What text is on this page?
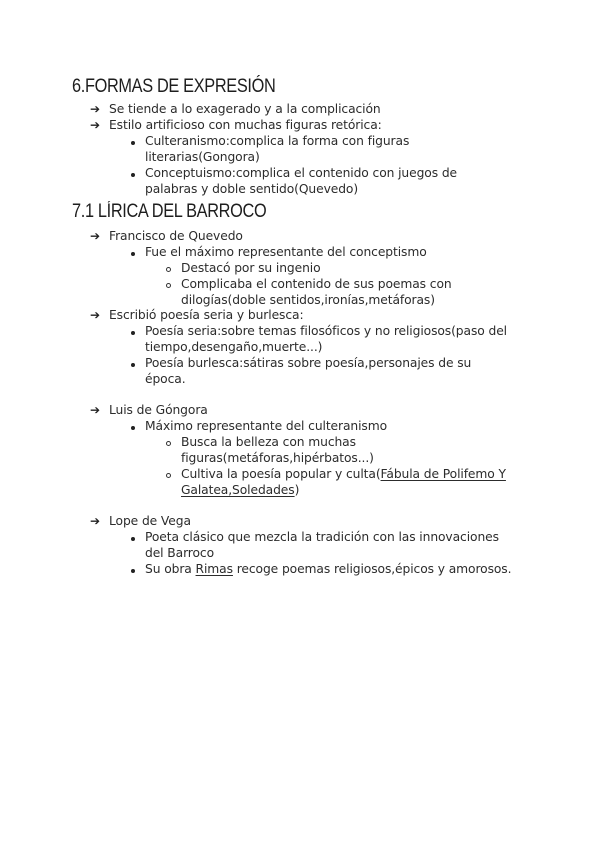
6.FORMAS DE EXPRESIÓN
➔ Se tiende a lo exagerado y a la complicación
➔ Estilo artificioso con muchas figuras retórica:
Culteranismo:complica la forma con figuras
literarias(Gongora)
Conceptuismo:complica el contenido con juegos de
palabras y doble sentido(Quevedo)
7.1 LÍRICA DEL BARROCO
➔ Francisco de Quevedo
Fue el máximo representante del conceptismo
Destacó por su ingenio
Complicaba el contenido de sus poemas con
dilogías(doble sentidos,ironías,metáforas)
➔ Escribió poesía seria y burlesca:
Poesía seria:sobre temas filosóficos y no religiosos(paso del
tiempo,desengaño,muerte...)
Poesía burlesca:sátiras sobre poesía,personajes de su
época.
➔ Luis de Góngora
Máximo representante del culteranismo
Busca la belleza con muchas
figuras(metáforas,hipérbatos...)
Cultiva la poesía popular y culta(Fábula de Polifemo Y
Galatea,Soledades)
➔ Lope de Vega
Poeta clásico que mezcla la tradición con las innovaciones
del Barroco
Su obra Rimas recoge poemas religiosos,épicos y amorosos.
